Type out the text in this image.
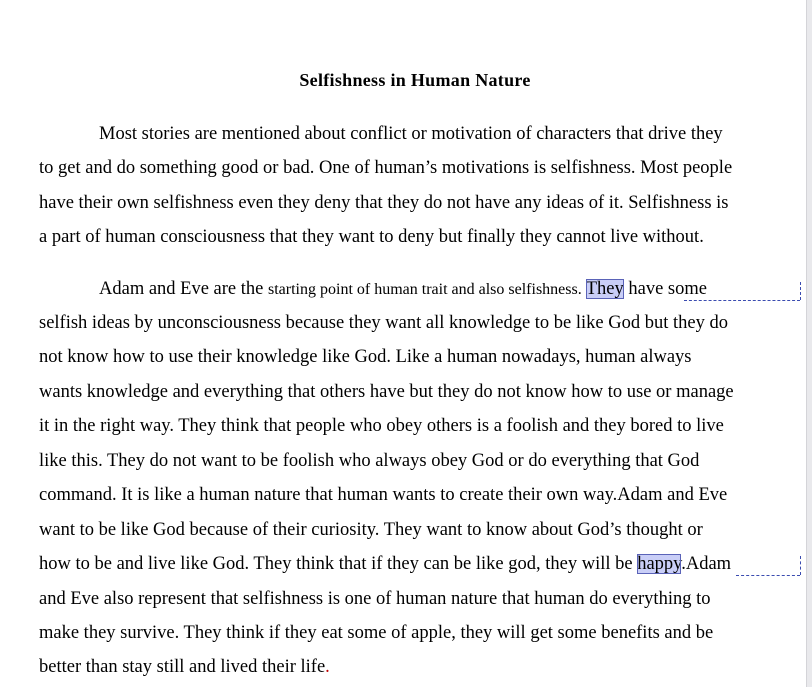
Selfishness in Human Nature
Most stories are mentioned about conflict or motivation of characters that drive they
to get and do something good or bad. One of human’s motivations is selfishness. Most people
have their own selfishness even they deny that they do not have any ideas of it. Selfishness is
a part of human consciousness that they want to deny but finally they cannot live without.
Adam and Eve are the starting point of human trait and also selfishness. They have some
selfish ideas by unconsciousness because they want all knowledge to be like God but they do
not know how to use their knowledge like God. Like a human nowadays, human always
wants knowledge and everything that others have but they do not know how to use or manage
it in the right way. They think that people who obey others is a foolish and they bored to live
like this. They do not want to be foolish who always obey God or do everything that God
command. It is like a human nature that human wants to create their own way.Adam and Eve
want to be like God because of their curiosity. They want to know about God’s thought or
how to be and live like God. They think that if they can be like god, they will be happy.Adam
and Eve also represent that selfishness is one of human nature that human do everything to
make they survive. They think if they eat some of apple, they will get some benefits and be
better than stay still and lived their life.
